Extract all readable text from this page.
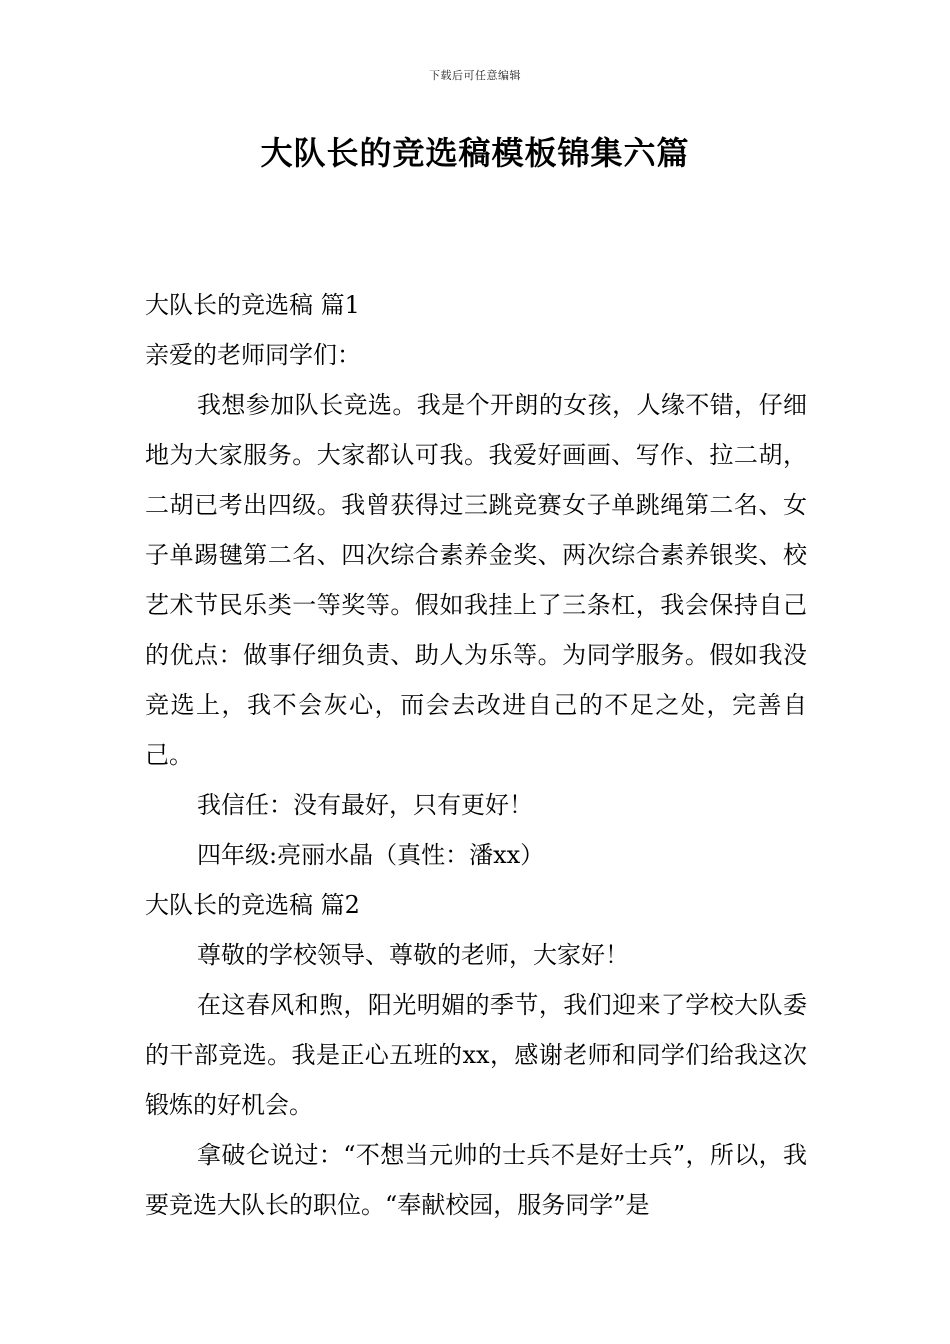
下载后可任意编辑
大队长的竞选稿模板锦集六篇

大队长的竞选稿 篇1

亲爱的老师同学们：

我想参加队长竞选。我是个开朗的女孩，人缘不错，仔细地为大家服务。大家都认可我。我爱好画画、写作、拉二胡，二胡已考出四级。我曾获得过三跳竞赛女子单跳绳第二名、女子单踢毽第二名、四次综合素养金奖、两次综合素养银奖、校艺术节民乐类一等奖等。假如我挂上了三条杠，我会保持自己的优点：做事仔细负责、助人为乐等。为同学服务。假如我没竞选上，我不会灰心，而会去改进自己的不足之处，完善自己。

我信任：没有最好，只有更好！

四年级:亮丽水晶（真性：潘xx）

大队长的竞选稿 篇2

尊敬的学校领导、尊敬的老师，大家好！

在这春风和煦，阳光明媚的季节，我们迎来了学校大队委的干部竞选。我是正心五班的xx，感谢老师和同学们给我这次锻炼的好机会。

拿破仑说过：“不想当元帅的士兵不是好士兵”，所以，我要竞选大队长的职位。“奉献校园，服务同学”是
